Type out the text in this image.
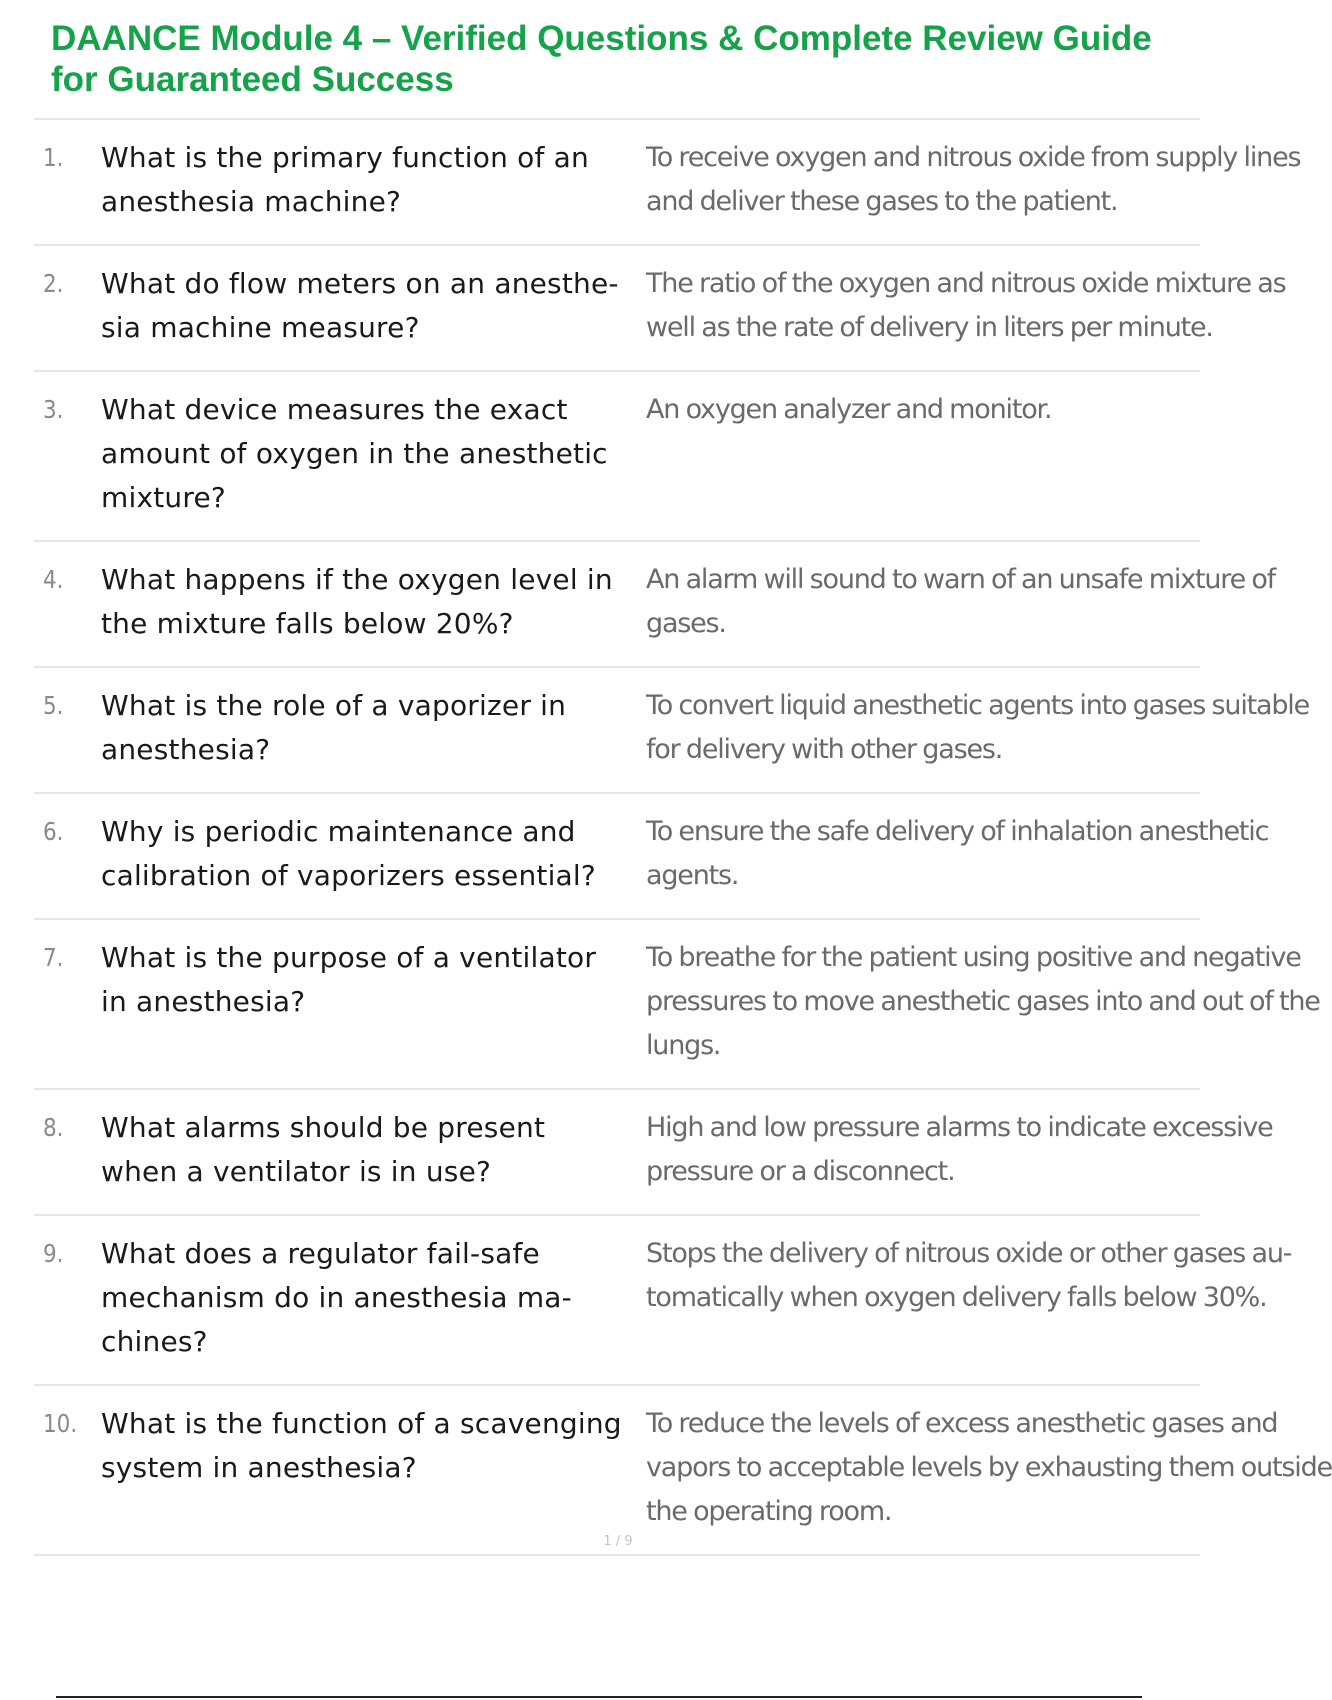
DAANCE Module 4 – Verified Questions & Complete Review Guide for Guaranteed Success
1. What is the primary function of an
anesthesia machine?
To receive oxygen and nitrous oxide from supply lines
and deliver these gases to the patient.
2. What do flow meters on an anesthe-
sia machine measure?
The ratio of the oxygen and nitrous oxide mixture as
well as the rate of delivery in liters per minute.
3. What device measures the exact
amount of oxygen in the anesthetic
mixture?
An oxygen analyzer and monitor.
4. What happens if the oxygen level in
the mixture falls below 20%?
An alarm will sound to warn of an unsafe mixture of
gases.
5. What is the role of a vaporizer in
anesthesia?
To convert liquid anesthetic agents into gases suitable
for delivery with other gases.
6. Why is periodic maintenance and
calibration of vaporizers essential?
To ensure the safe delivery of inhalation anesthetic
agents.
7. What is the purpose of a ventilator
in anesthesia?
To breathe for the patient using positive and negative
pressures to move anesthetic gases into and out of the
lungs.
8. What alarms should be present
when a ventilator is in use?
High and low pressure alarms to indicate excessive
pressure or a disconnect.
9. What does a regulator fail-safe
mechanism do in anesthesia ma-
chines?
Stops the delivery of nitrous oxide or other gases au-
tomatically when oxygen delivery falls below 30%.
10. What is the function of a scavenging
system in anesthesia?
To reduce the levels of excess anesthetic gases and
vapors to acceptable levels by exhausting them outside
the operating room.
1 / 9
